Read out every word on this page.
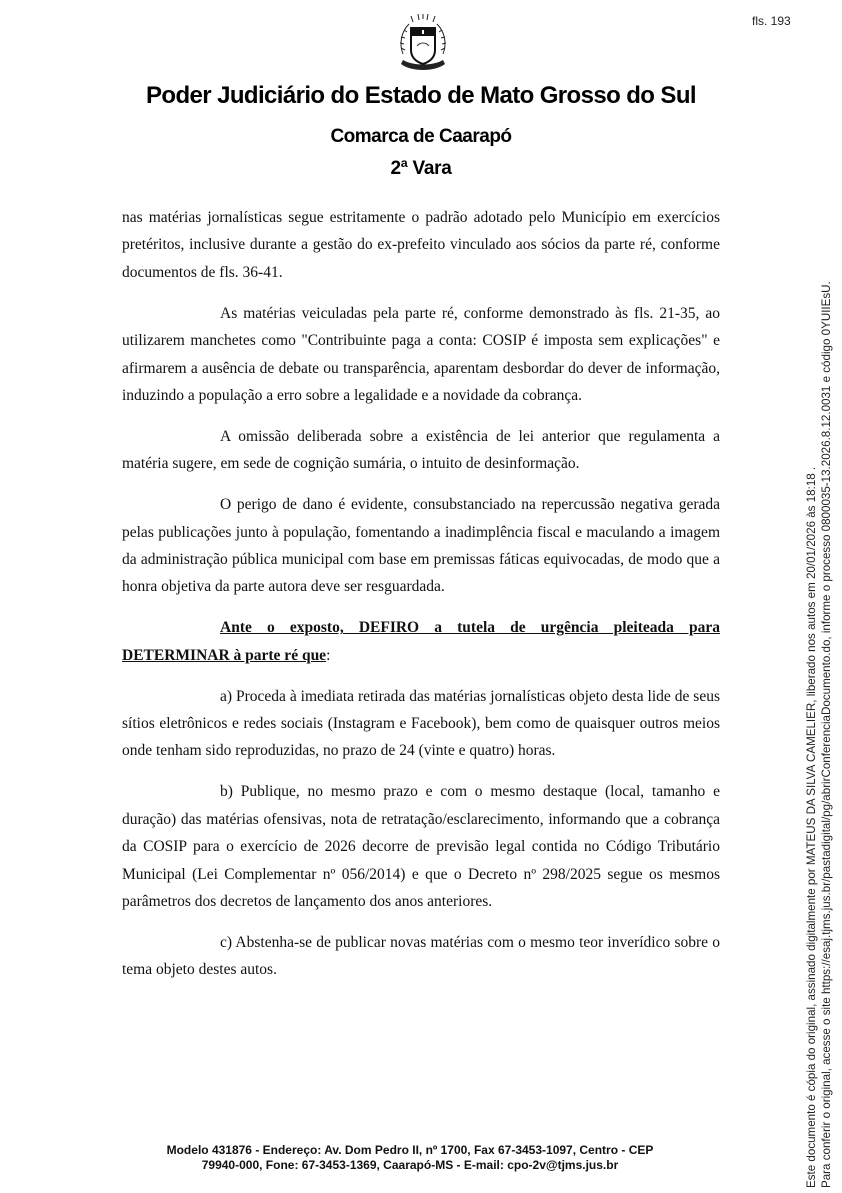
fls. 193
Poder Judiciário do Estado de Mato Grosso do Sul
Comarca de Caarapó
2ª Vara

nas matérias jornalísticas segue estritamente o padrão adotado pelo Município em exercícios pretéritos, inclusive durante a gestão do ex-prefeito vinculado aos sócios da parte ré, conforme documentos de fls. 36-41.

As matérias veiculadas pela parte ré, conforme demonstrado às fls. 21-35, ao utilizarem manchetes como "Contribuinte paga a conta: COSIP é imposta sem explicações" e afirmarem a ausência de debate ou transparência, aparentam desbordar do dever de informação, induzindo a população a erro sobre a legalidade e a novidade da cobrança.

A omissão deliberada sobre a existência de lei anterior que regulamenta a matéria sugere, em sede de cognição sumária, o intuito de desinformação.

O perigo de dano é evidente, consubstanciado na repercussão negativa gerada pelas publicações junto à população, fomentando a inadimplência fiscal e maculando a imagem da administração pública municipal com base em premissas fáticas equivocadas, de modo que a honra objetiva da parte autora deve ser resguardada.

Ante o exposto, DEFIRO a tutela de urgência pleiteada para DETERMINAR à parte ré que:

a) Proceda à imediata retirada das matérias jornalísticas objeto desta lide de seus sítios eletrônicos e redes sociais (Instagram e Facebook), bem como de quaisquer outros meios onde tenham sido reproduzidas, no prazo de 24 (vinte e quatro) horas.

b) Publique, no mesmo prazo e com o mesmo destaque (local, tamanho e duração) das matérias ofensivas, nota de retratação/esclarecimento, informando que a cobrança da COSIP para o exercício de 2026 decorre de previsão legal contida no Código Tributário Municipal (Lei Complementar nº 056/2014) e que o Decreto nº 298/2025 segue os mesmos parâmetros dos decretos de lançamento dos anos anteriores.

c) Abstenha-se de publicar novas matérias com o mesmo teor inverídico sobre o tema objeto destes autos.

Modelo 431876 - Endereço: Av. Dom Pedro II, nº 1700, Fax 67-3453-1097, Centro - CEP
79940-000, Fone: 67-3453-1369, Caarapó-MS - E-mail: cpo-2v@tjms.jus.br	Este documento é cópia do original, assinado digitalmente por MATEUS DA SILVA CAMELIER, liberado nos autos em 20/01/2026 às 18:18 . Para conferir o original, acesse o site https://esaj.tjms.jus.br/pastadigital/pg/abrirConferenciaDocumento.do, informe o processo 0800035-13.2026.8.12.0031 e código 0YUIIEsU.
